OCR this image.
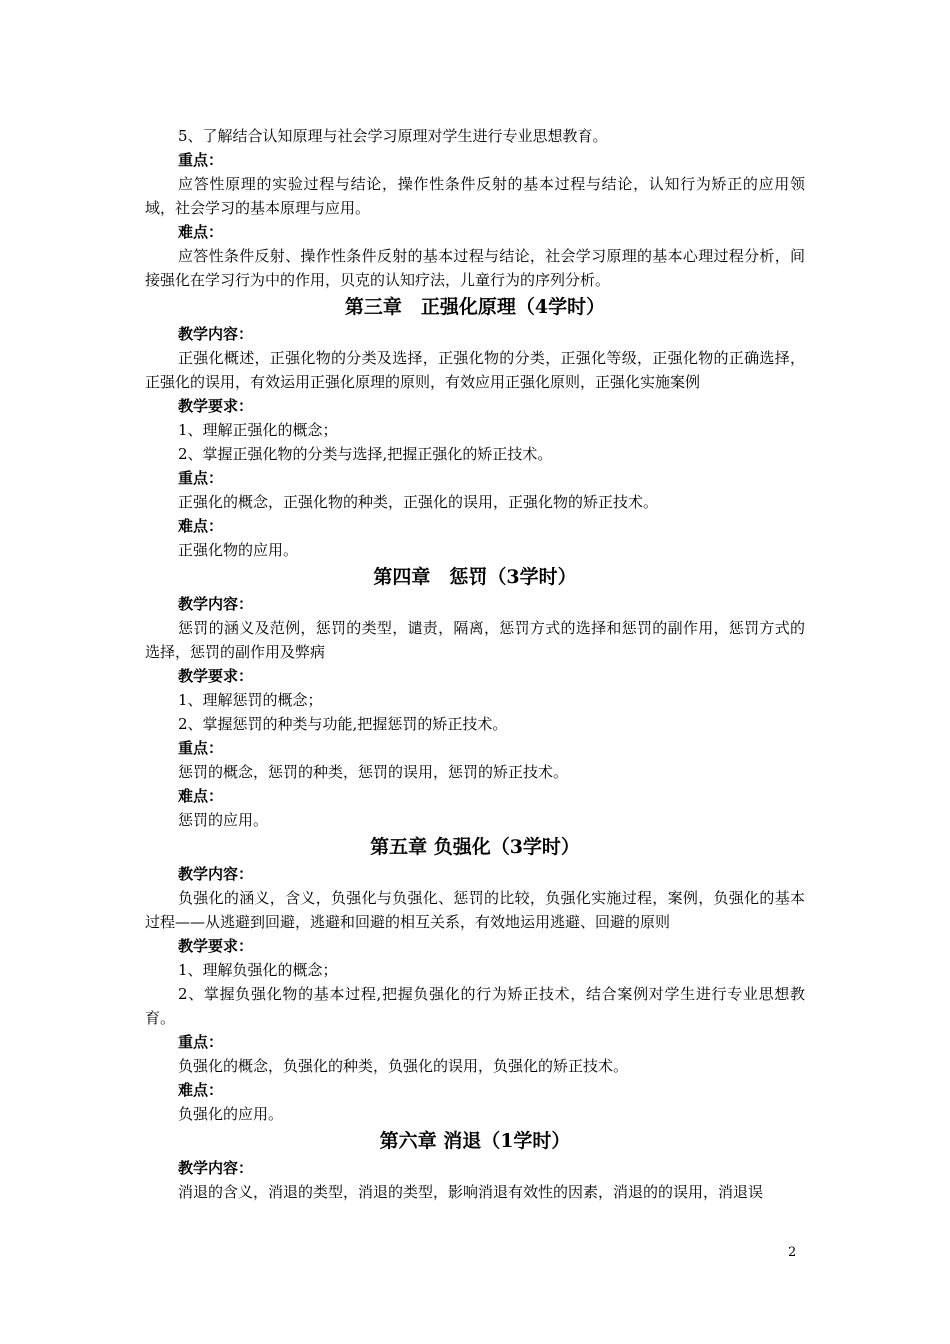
5、了解结合认知原理与社会学习原理对学生进行专业思想教育。

重点：

应答性原理的实验过程与结论，操作性条件反射的基本过程与结论，认知行为矫正的应用领域，社会学习的基本原理与应用。

难点：

应答性条件反射、操作性条件反射的基本过程与结论，社会学习原理的基本心理过程分析，间接强化在学习行为中的作用，贝克的认知疗法，儿童行为的序列分析。

第三章　正强化原理（4学时）

教学内容：

正强化概述，正强化物的分类及选择，正强化物的分类，正强化等级，正强化物的正确选择，正强化的误用，有效运用正强化原理的原则，有效应用正强化原则，正强化实施案例

教学要求：

1、理解正强化的概念；

2、掌握正强化物的分类与选择,把握正强化的矫正技术。

重点：

正强化的概念，正强化物的种类，正强化的误用，正强化物的矫正技术。

难点：

正强化物的应用。

第四章　惩罚（3学时）

教学内容：

惩罚的涵义及范例，惩罚的类型，谴责，隔离，惩罚方式的选择和惩罚的副作用，惩罚方式的选择，惩罚的副作用及弊病

教学要求：

1、理解惩罚的概念；

2、掌握惩罚的种类与功能,把握惩罚的矫正技术。

重点：

惩罚的概念，惩罚的种类，惩罚的误用，惩罚的矫正技术。

难点：

惩罚的应用。

第五章 负强化（3学时）

教学内容：

负强化的涵义，含义，负强化与负强化、惩罚的比较，负强化实施过程，案例，负强化的基本过程——从逃避到回避，逃避和回避的相互关系，有效地运用逃避、回避的原则

教学要求：

1、理解负强化的概念；

2、掌握负强化物的基本过程,把握负强化的行为矫正技术，结合案例对学生进行专业思想教育。

重点：

负强化的概念，负强化的种类，负强化的误用，负强化的矫正技术。

难点：

负强化的应用。

第六章 消退（1学时）

教学内容：

消退的含义，消退的类型，消退的类型，影响消退有效性的因素，消退的的误用，消退误

2
